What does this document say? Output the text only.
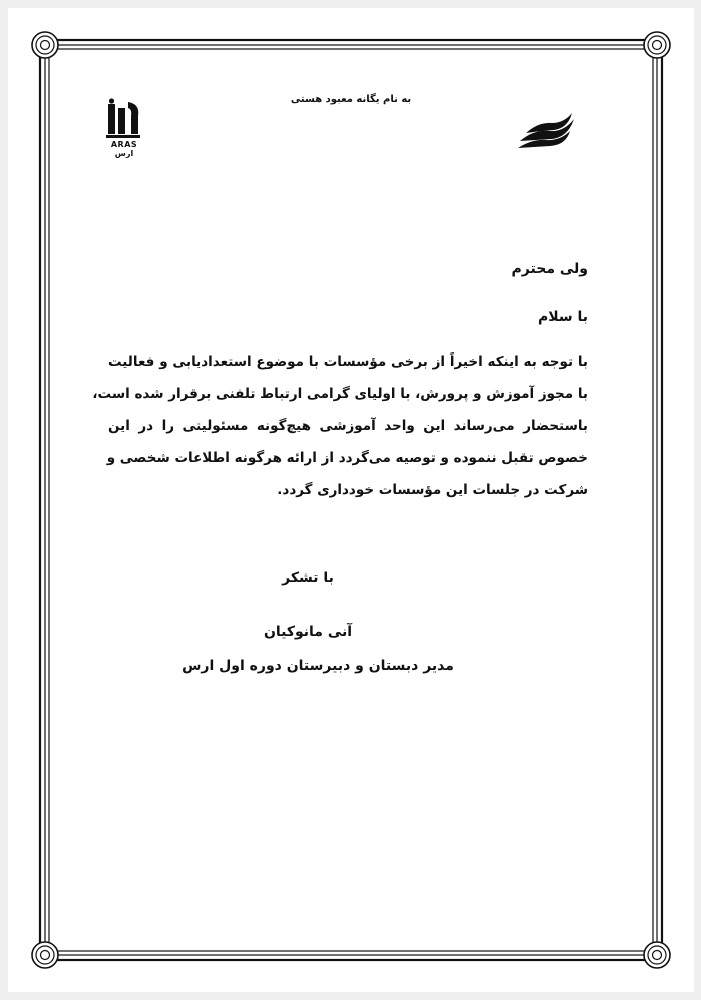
به نام یگانه معبود هستی
ARAS
ارس
ولی محترم
با سلام
با توجه به اینکه اخیراً از برخی مؤسسات با موضوع استعدادیابی و فعالیت
با مجوز آموزش و پرورش، با اولیای گرامی ارتباط تلفنی برقرار شده است،
باستحضار می‌رساند این واحد آموزشی هیچ‌گونه مسئولیتی را در این
خصوص تقبل ننموده و توصیه می‌گردد از ارائه هرگونه اطلاعات شخصی و
شرکت در جلسات این مؤسسات خودداری گردد.
با تشکر
آنی مانوکیان
مدیر دبستان و دبیرستان دوره اول ارس
